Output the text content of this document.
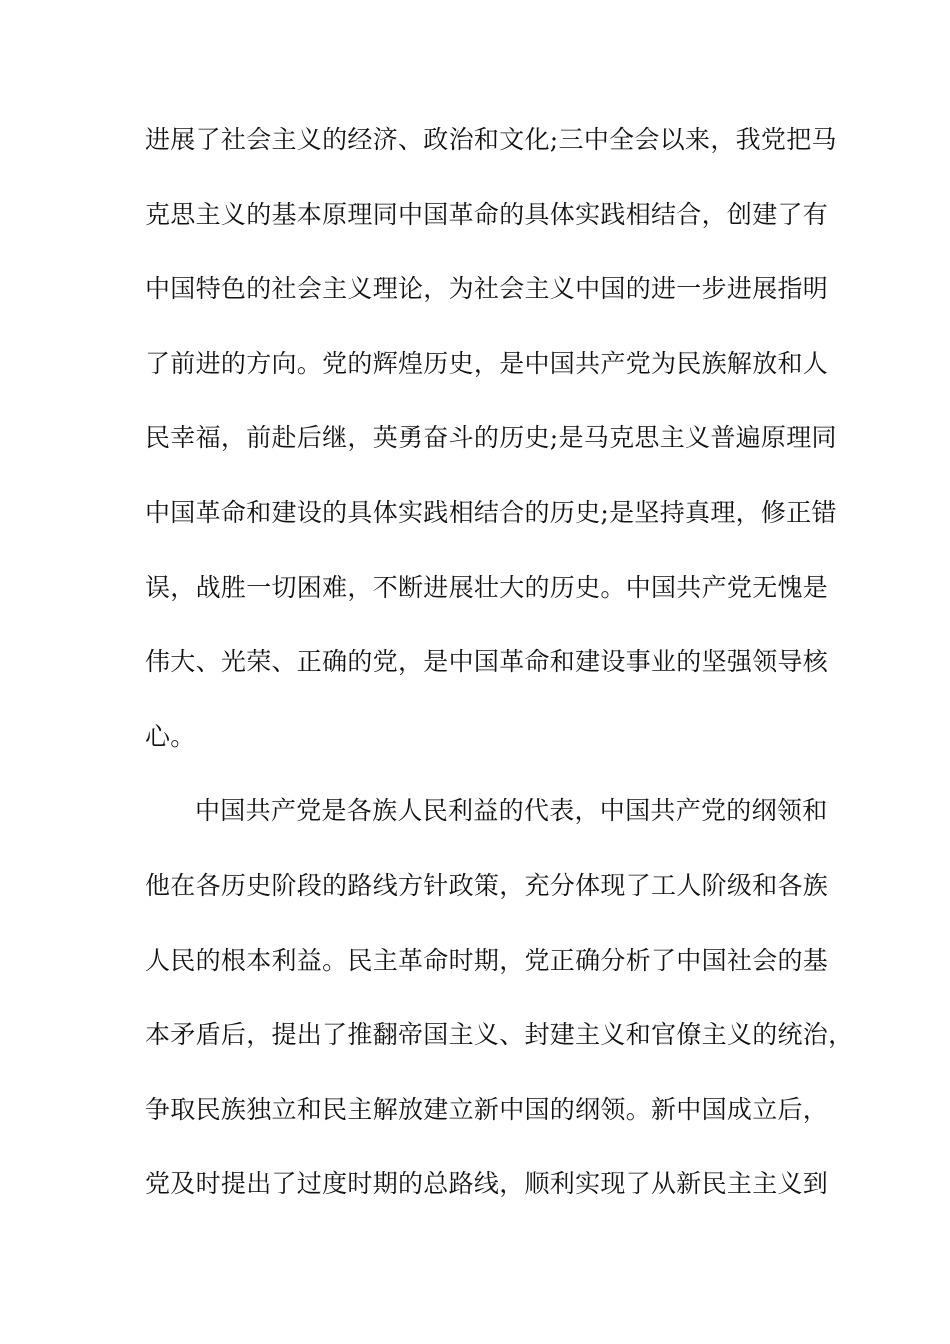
进展了社会主义的经济、政治和文化;三中全会以来，我党把马
克思主义的基本原理同中国革命的具体实践相结合，创建了有
中国特色的社会主义理论，为社会主义中国的进一步进展指明
了前进的方向。党的辉煌历史，是中国共产党为民族解放和人
民幸福，前赴后继，英勇奋斗的历史;是马克思主义普遍原理同
中国革命和建设的具体实践相结合的历史;是坚持真理，修正错
误，战胜一切困难，不断进展壮大的历史。中国共产党无愧是
伟大、光荣、正确的党，是中国革命和建设事业的坚强领导核
心。
中国共产党是各族人民利益的代表，中国共产党的纲领和
他在各历史阶段的路线方针政策，充分体现了工人阶级和各族
人民的根本利益。民主革命时期，党正确分析了中国社会的基
本矛盾后，提出了推翻帝国主义、封建主义和官僚主义的统治，
争取民族独立和民主解放建立新中国的纲领。新中国成立后，
党及时提出了过度时期的总路线，顺利实现了从新民主主义到
